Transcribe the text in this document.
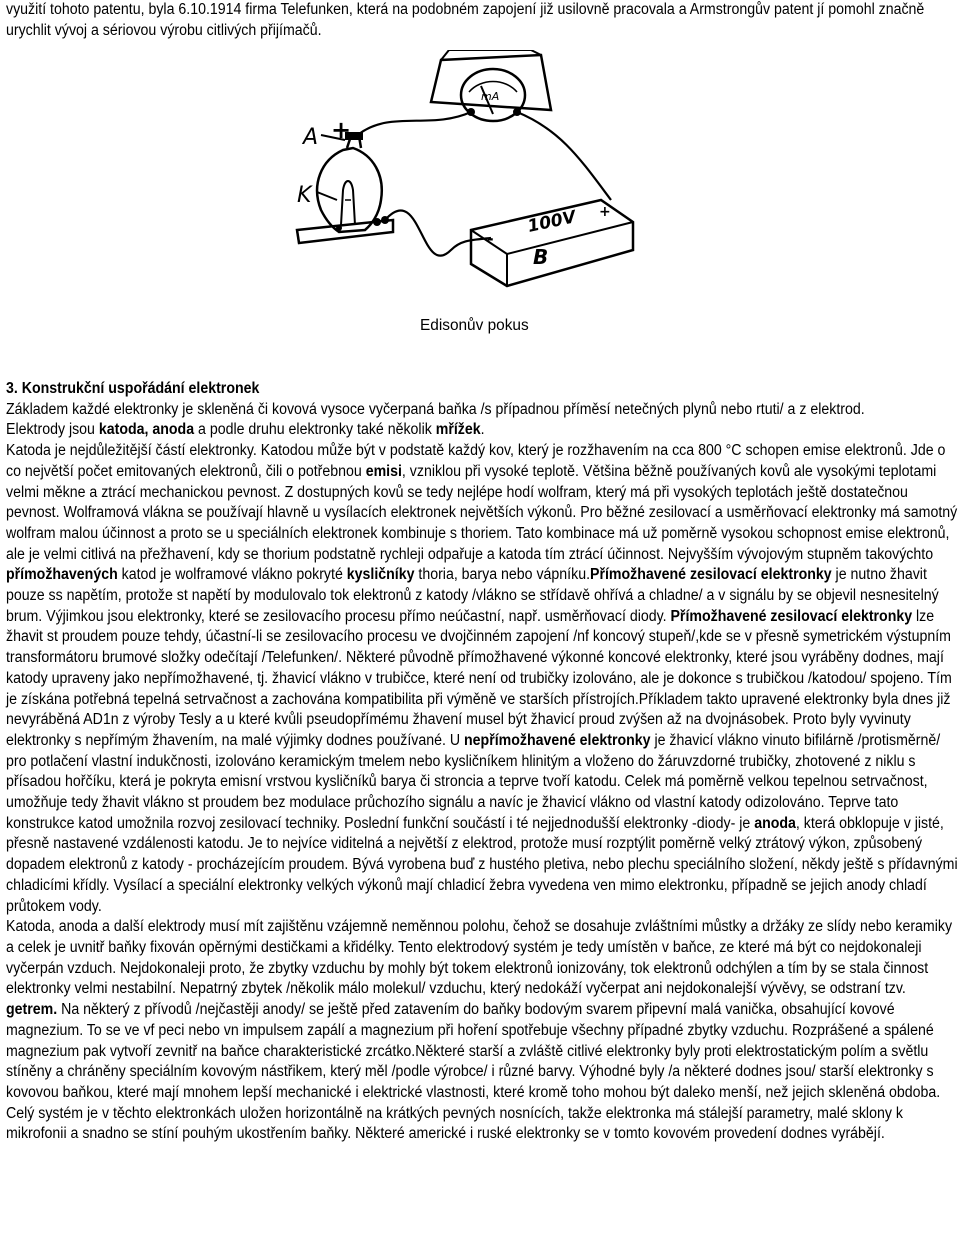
využití tohoto patentu, byla 6.10.1914 firma Telefunken, která na podobném zapojení již usilovně pracovala a Armstrongův patent jí pomohl značně urychlit vývoj a sériovou výrobu citlivých přijímačů.

A +
K
mA
100V
B
+
-
Edisonův pokus

3. Konstrukční uspořádání elektronek

Základem každé elektronky je skleněná či kovová vysoce vyčerpaná baňka /s případnou příměsí netečných plynů nebo rtuti/ a z elektrod.

Elektrody jsou katoda, anoda a podle druhu elektronky také několik mřížek.

Katoda je nejdůležitější částí elektronky. Katodou může být v podstatě každý kov, který je rozžhavením na cca 800 °C schopen emise elektronů. Jde o co největší počet emitovaných elektronů, čili o potřebnou emisi, vzniklou při vysoké teplotě. Většina běžně používaných kovů ale vysokými teplotami velmi měkne a ztrácí mechanickou pevnost. Z dostupných kovů se tedy nejlépe hodí wolfram, který má při vysokých teplotách ještě dostatečnou pevnost. Wolframová vlákna se používají hlavně u vysílacích elektronek největších výkonů. Pro běžné zesilovací a usměrňovací elektronky má samotný wolfram malou účinnost a proto se u speciálních elektronek kombinuje s thoriem. Tato kombinace má už poměrně vysokou schopnost emise elektronů, ale je velmi citlivá na přežhavení, kdy se thorium podstatně rychleji odpařuje a katoda tím ztrácí účinnost. Nejvyšším vývojovým stupněm takovýchto přímožhavených katod je wolframové vlákno pokryté kysličníky thoria, barya nebo vápníku.Přímožhavené zesilovací elektronky je nutno žhavit pouze ss napětím, protože st napětí by modulovalo tok elektronů z katody /vlákno se střídavě ohřívá a chladne/ a v signálu by se objevil nesnesitelný brum. Výjimkou jsou elektronky, které se zesilovacího procesu přímo neúčastní, např. usměrňovací diody. Přímožhavené zesilovací elektronky lze žhavit st proudem pouze tehdy, účastní-li se zesilovacího procesu ve dvojčinném zapojení /nf koncový stupeň/,kde se v přesně symetrickém výstupním transformátoru brumové složky odečítají /Telefunken/. Některé původně přímožhavené výkonné koncové elektronky, které jsou vyráběny dodnes, mají katody upraveny jako nepřímožhavené, tj. žhavicí vlákno v trubičce, které není od trubičky izolováno, ale je dokonce s trubičkou /katodou/ spojeno. Tím je získána potřebná tepelná setrvačnost a zachována kompatibilita při výměně ve starších přístrojích.Příkladem takto upravené elektronky byla dnes již nevyráběná AD1n z výroby Tesly a u které kvůli pseudopřímému žhavení musel být žhavicí proud zvýšen až na dvojnásobek. Proto byly vyvinuty elektronky s nepřímým žhavením, na malé výjimky dodnes používané. U nepřímožhavené elektronky je žhavicí vlákno vinuto bifilárně /protisměrně/ pro potlačení vlastní indukčnosti, izolováno keramickým tmelem nebo kysličníkem hlinitým a vloženo do žáruvzdorné trubičky, zhotovené z niklu s přísadou hořčíku, která je pokryta emisní vrstvou kysličníků barya či stroncia a teprve tvoří katodu. Celek má poměrně velkou tepelnou setrvačnost, umožňuje tedy žhavit vlákno st proudem bez modulace průchozího signálu a navíc je žhavicí vlákno od vlastní katody odizolováno. Teprve tato konstrukce katod umožnila rozvoj zesilovací techniky. Poslední funkční součástí i té nejjednodušší elektronky -diody- je anoda, která obklopuje v jisté, přesně nastavené vzdálenosti katodu. Je to nejvíce viditelná a největší z elektrod, protože musí rozptýlit poměrně velký ztrátový výkon, způsobený dopadem elektronů z katody - procházejícím proudem. Bývá vyrobena buď z hustého pletiva, nebo plechu speciálního složení, někdy ještě s přídavnými chladicími křídly. Vysílací a speciální elektronky velkých výkonů mají chladicí žebra vyvedena ven mimo elektronku, případně se jejich anody chladí průtokem vody.

Katoda, anoda a další elektrody musí mít zajištěnu vzájemně neměnnou polohu, čehož se dosahuje zvláštními můstky a držáky ze slídy nebo keramiky a celek je uvnitř baňky fixován opěrnými destičkami a křidélky. Tento elektrodový systém je tedy umístěn v baňce, ze které má být co nejdokonaleji vyčerpán vzduch. Nejdokonaleji proto, že zbytky vzduchu by mohly být tokem elektronů ionizovány, tok elektronů odchýlen a tím by se stala činnost elektronky velmi nestabilní. Nepatrný zbytek /několik málo molekul/ vzduchu, který nedokáží vyčerpat ani nejdokonalejší vývěvy, se odstraní tzv. getrem. Na některý z přívodů /nejčastěji anody/ se ještě před zatavením do baňky bodovým svarem připevní malá vanička, obsahující kovové magnezium. To se ve vf peci nebo vn impulsem zapálí a magnezium při hoření spotřebuje všechny případné zbytky vzduchu. Rozprášené a spálené magnezium pak vytvoří zevnitř na baňce charakteristické zrcátko.Některé starší a zvláště citlivé elektronky byly proti elektrostatickým polím a světlu stíněny a chráněny speciálním kovovým nástřikem, který měl /podle výrobce/ i různé barvy. Výhodné byly /a některé dodnes jsou/ starší elektronky s kovovou baňkou, které mají mnohem lepší mechanické i elektrické vlastnosti, které kromě toho mohou být daleko menší, než jejich skleněná obdoba. Celý systém je v těchto elektronkách uložen horizontálně na krátkých pevných nosnících, takže elektronka má stálejší parametry, malé sklony k mikrofonii a snadno se stíní pouhým ukostřením baňky. Některé americké i ruské elektronky se v tomto kovovém provedení dodnes vyrábějí.
